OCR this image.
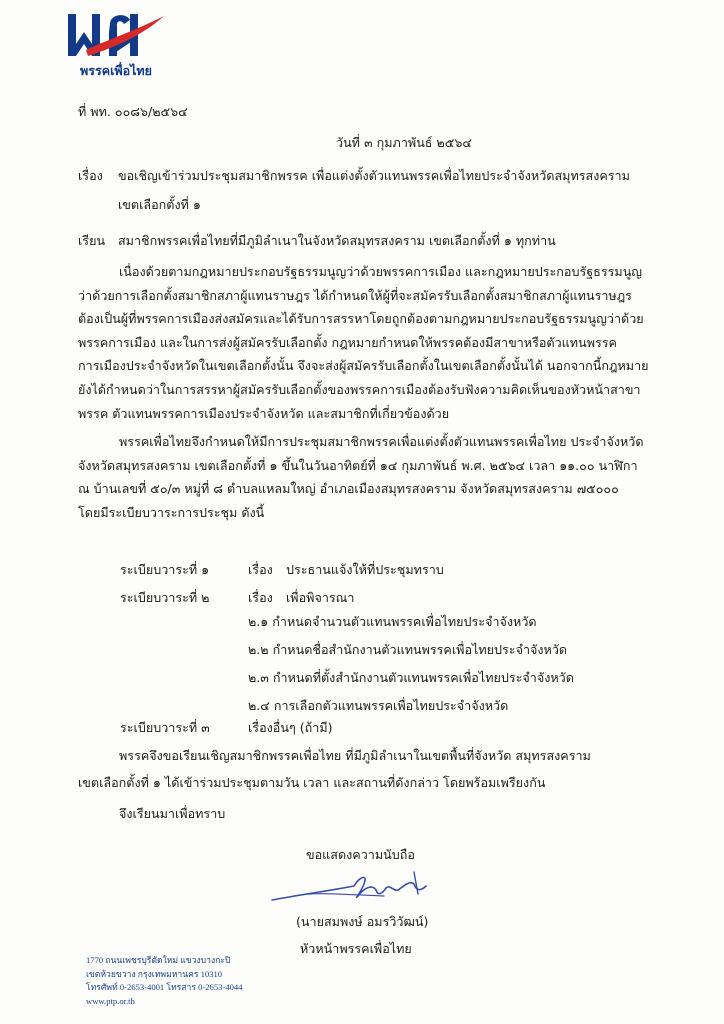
พรรคเพื่อไทย
ที่ พท. ๐๐๘๖/๒๕๖๔
วันที่ ๓ กุมภาพันธ์ ๒๕๖๔
เรื่อง ขอเชิญเข้าร่วมประชุมสมาชิกพรรค เพื่อแต่งตั้งตัวแทนพรรคเพื่อไทยประจำจังหวัดสมุทรสงคราม
เขตเลือกตั้งที่ ๑
เรียน สมาชิกพรรคเพื่อไทยที่มีภูมิลำเนาในจังหวัดสมุทรสงคราม เขตเลือกตั้งที่ ๑ ทุกท่าน
เนื่องด้วยตามกฎหมายประกอบรัฐธรรมนูญว่าด้วยพรรคการเมือง และกฎหมายประกอบรัฐธรรมนูญ
ว่าด้วยการเลือกตั้งสมาชิกสภาผู้แทนราษฎร ได้กำหนดให้ผู้ที่จะสมัครรับเลือกตั้งสมาชิกสภาผู้แทนราษฎร
ต้องเป็นผู้ที่พรรคการเมืองส่งสมัครและได้รับการสรรหาโดยถูกต้องตามกฎหมายประกอบรัฐธรรมนูญว่าด้วย
พรรคการเมือง และในการส่งผู้สมัครรับเลือกตั้ง กฎหมายกำหนดให้พรรคต้องมีสาขาหรือตัวแทนพรรค
การเมืองประจำจังหวัดในเขตเลือกตั้งนั้น จึงจะส่งผู้สมัครรับเลือกตั้งในเขตเลือกตั้งนั้นได้ นอกจากนี้กฎหมาย
ยังได้กำหนดว่าในการสรรหาผู้สมัครรับเลือกตั้งของพรรคการเมืองต้องรับฟังความคิดเห็นของหัวหน้าสาขา
พรรค ตัวแทนพรรคการเมืองประจำจังหวัด และสมาชิกที่เกี่ยวข้องด้วย
พรรคเพื่อไทยจึงกำหนดให้มีการประชุมสมาชิกพรรคเพื่อแต่งตั้งตัวแทนพรรคเพื่อไทย ประจำจังหวัด
จังหวัดสมุทรสงคราม เขตเลือกตั้งที่ ๑ ขึ้นในวันอาทิตย์ที่ ๑๔ กุมภาพันธ์ พ.ศ. ๒๕๖๔ เวลา ๑๑.๐๐ นาฬิกา
ณ บ้านเลขที่ ๕๐/๓ หมู่ที่ ๘ ตำบลแหลมใหญ่ อำเภอเมืองสมุทรสงคราม จังหวัดสมุทรสงคราม ๗๕๐๐๐
โดยมีระเบียบวาระการประชุม ดังนี้
ระเบียบวาระที่ ๑	เรื่อง ประธานแจ้งให้ที่ประชุมทราบ
ระเบียบวาระที่ ๒	เรื่อง เพื่อพิจารณา
๒.๑ กำหนดจำนวนตัวแทนพรรคเพื่อไทยประจำจังหวัด
๒.๒ กำหนดชื่อสำนักงานตัวแทนพรรคเพื่อไทยประจำจังหวัด
๒.๓ กำหนดที่ตั้งสำนักงานตัวแทนพรรคเพื่อไทยประจำจังหวัด
๒.๔ การเลือกตัวแทนพรรคเพื่อไทยประจำจังหวัด
ระเบียบวาระที่ ๓	เรื่องอื่นๆ (ถ้ามี)
พรรคจึงขอเรียนเชิญสมาชิกพรรคเพื่อไทย ที่มีภูมิลำเนาในเขตพื้นที่จังหวัด สมุทรสงคราม
เขตเลือกตั้งที่ ๑ ได้เข้าร่วมประชุมตามวัน เวลา และสถานที่ดังกล่าว โดยพร้อมเพรียงกัน
จึงเรียนมาเพื่อทราบ
ขอแสดงความนับถือ
(นายสมพงษ์ อมรวิวัฒน์)
หัวหน้าพรรคเพื่อไทย
1770 ถนนเพชรบุรีตัดใหม่ แขวงบางกะปิ
เขตห้วยขวาง กรุงเทพมหานคร 10310
โทรศัพท์ 0-2653-4001 โทรสาร 0-2653-4044
www.ptp.or.th
